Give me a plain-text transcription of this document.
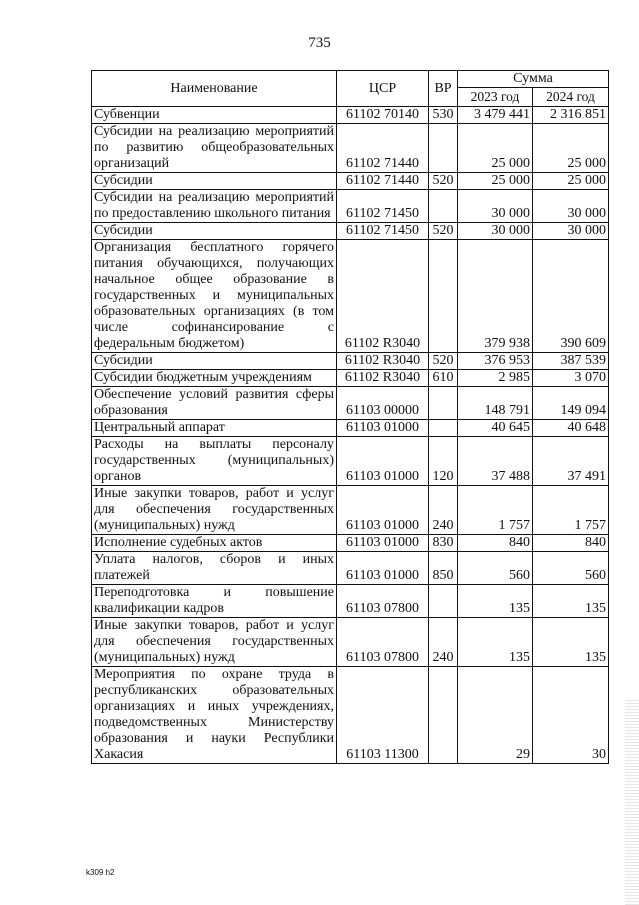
735
Наименование	ЦСР	ВР	Сумма	
			2023 год	2024 год
Субвенции	61102 70140	530	3 479 441	2 316 851
Субсидии на реализацию мероприятий по развитию общеобразовательных организаций	61102 71440		25 000	25 000
Субсидии	61102 71440	520	25 000	25 000
Субсидии на реализацию мероприятий по предоставлению школьного питания	61102 71450		30 000	30 000
Субсидии	61102 71450	520	30 000	30 000
Организация бесплатного горячего питания обучающихся, получающих начальное общее образование в государственных и муниципальных образовательных организациях (в том числе софинансирование с федеральным бюджетом)	61102 R3040		379 938	390 609
Субсидии	61102 R3040	520	376 953	387 539
Субсидии бюджетным учреждениям	61102 R3040	610	2 985	3 070
Обеспечение условий развития сферы образования	61103 00000		148 791	149 094
Центральный аппарат	61103 01000		40 645	40 648
Расходы на выплаты персоналу государственных (муниципальных) органов	61103 01000	120	37 488	37 491
Иные закупки товаров, работ и услуг для обеспечения государственных (муниципальных) нужд	61103 01000	240	1 757	1 757
Исполнение судебных актов	61103 01000	830	840	840
Уплата налогов, сборов и иных платежей	61103 01000	850	560	560
Переподготовка и повышение квалификации кадров	61103 07800		135	135
Иные закупки товаров, работ и услуг для обеспечения государственных (муниципальных) нужд	61103 07800	240	135	135
Мероприятия по охране труда в республиканских образовательных организациях и иных учреждениях, подведомственных Министерству образования и науки Республики Хакасия	61103 11300		29	30
k309 h2
